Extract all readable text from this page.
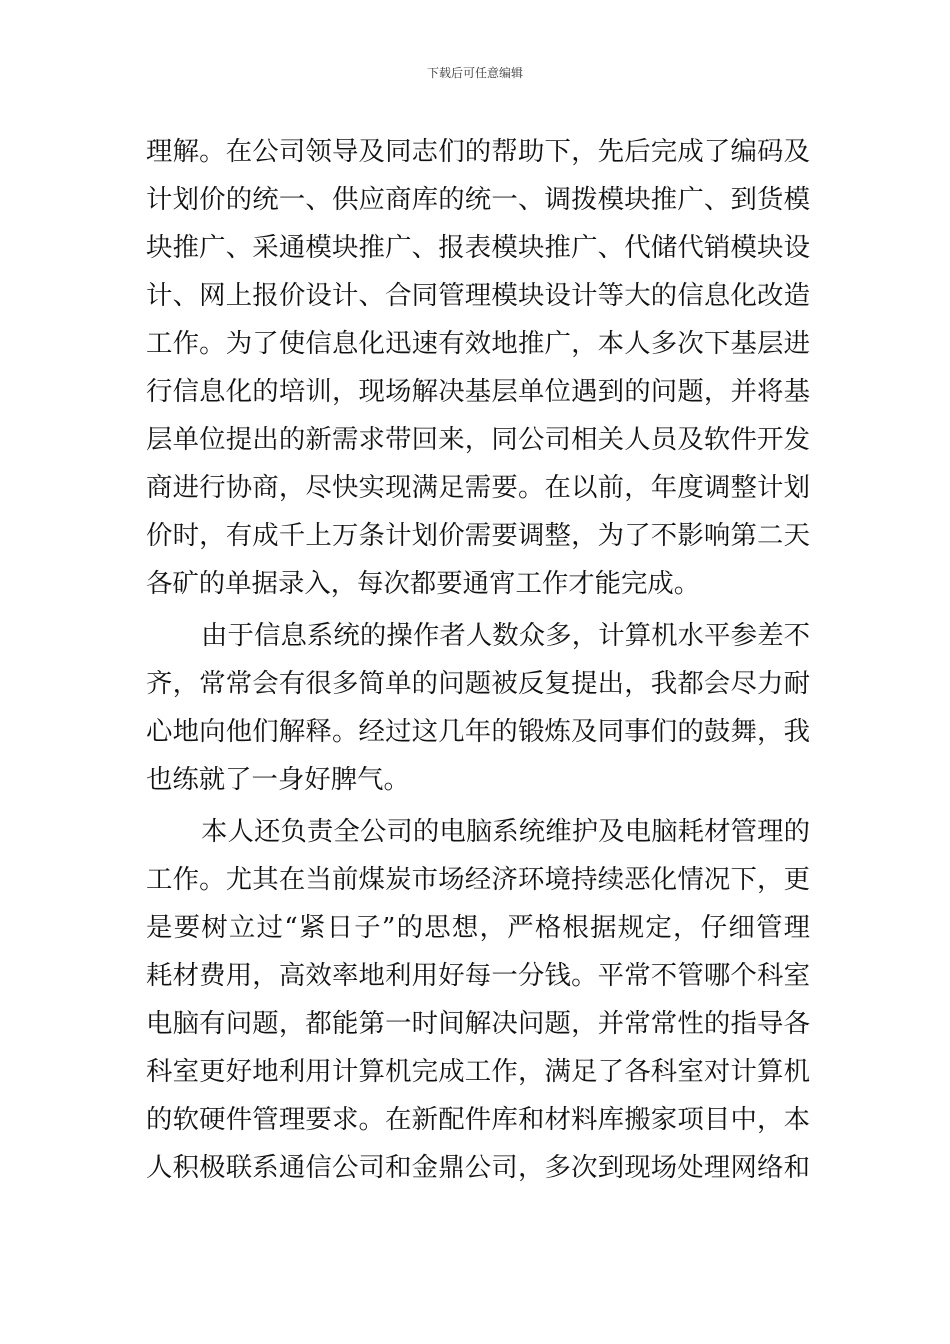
下载后可任意编辑
理解。在公司领导及同志们的帮助下，先后完成了编码及
计划价的统一、供应商库的统一、调拨模块推广、到货模
块推广、采通模块推广、报表模块推广、代储代销模块设
计、网上报价设计、合同管理模块设计等大的信息化改造
工作。为了使信息化迅速有效地推广，本人多次下基层进
行信息化的培训，现场解决基层单位遇到的问题，并将基
层单位提出的新需求带回来，同公司相关人员及软件开发
商进行协商，尽快实现满足需要。在以前，年度调整计划
价时，有成千上万条计划价需要调整，为了不影响第二天
各矿的单据录入，每次都要通宵工作才能完成。
由于信息系统的操作者人数众多，计算机水平参差不
齐，常常会有很多简单的问题被反复提出，我都会尽力耐
心地向他们解释。经过这几年的锻炼及同事们的鼓舞，我
也练就了一身好脾气。
本人还负责全公司的电脑系统维护及电脑耗材管理的
工作。尤其在当前煤炭市场经济环境持续恶化情况下，更
是要树立过“紧日子”的思想，严格根据规定，仔细管理
耗材费用，高效率地利用好每一分钱。平常不管哪个科室
电脑有问题，都能第一时间解决问题，并常常性的指导各
科室更好地利用计算机完成工作，满足了各科室对计算机
的软硬件管理要求。在新配件库和材料库搬家项目中，本
人积极联系通信公司和金鼎公司，多次到现场处理网络和
